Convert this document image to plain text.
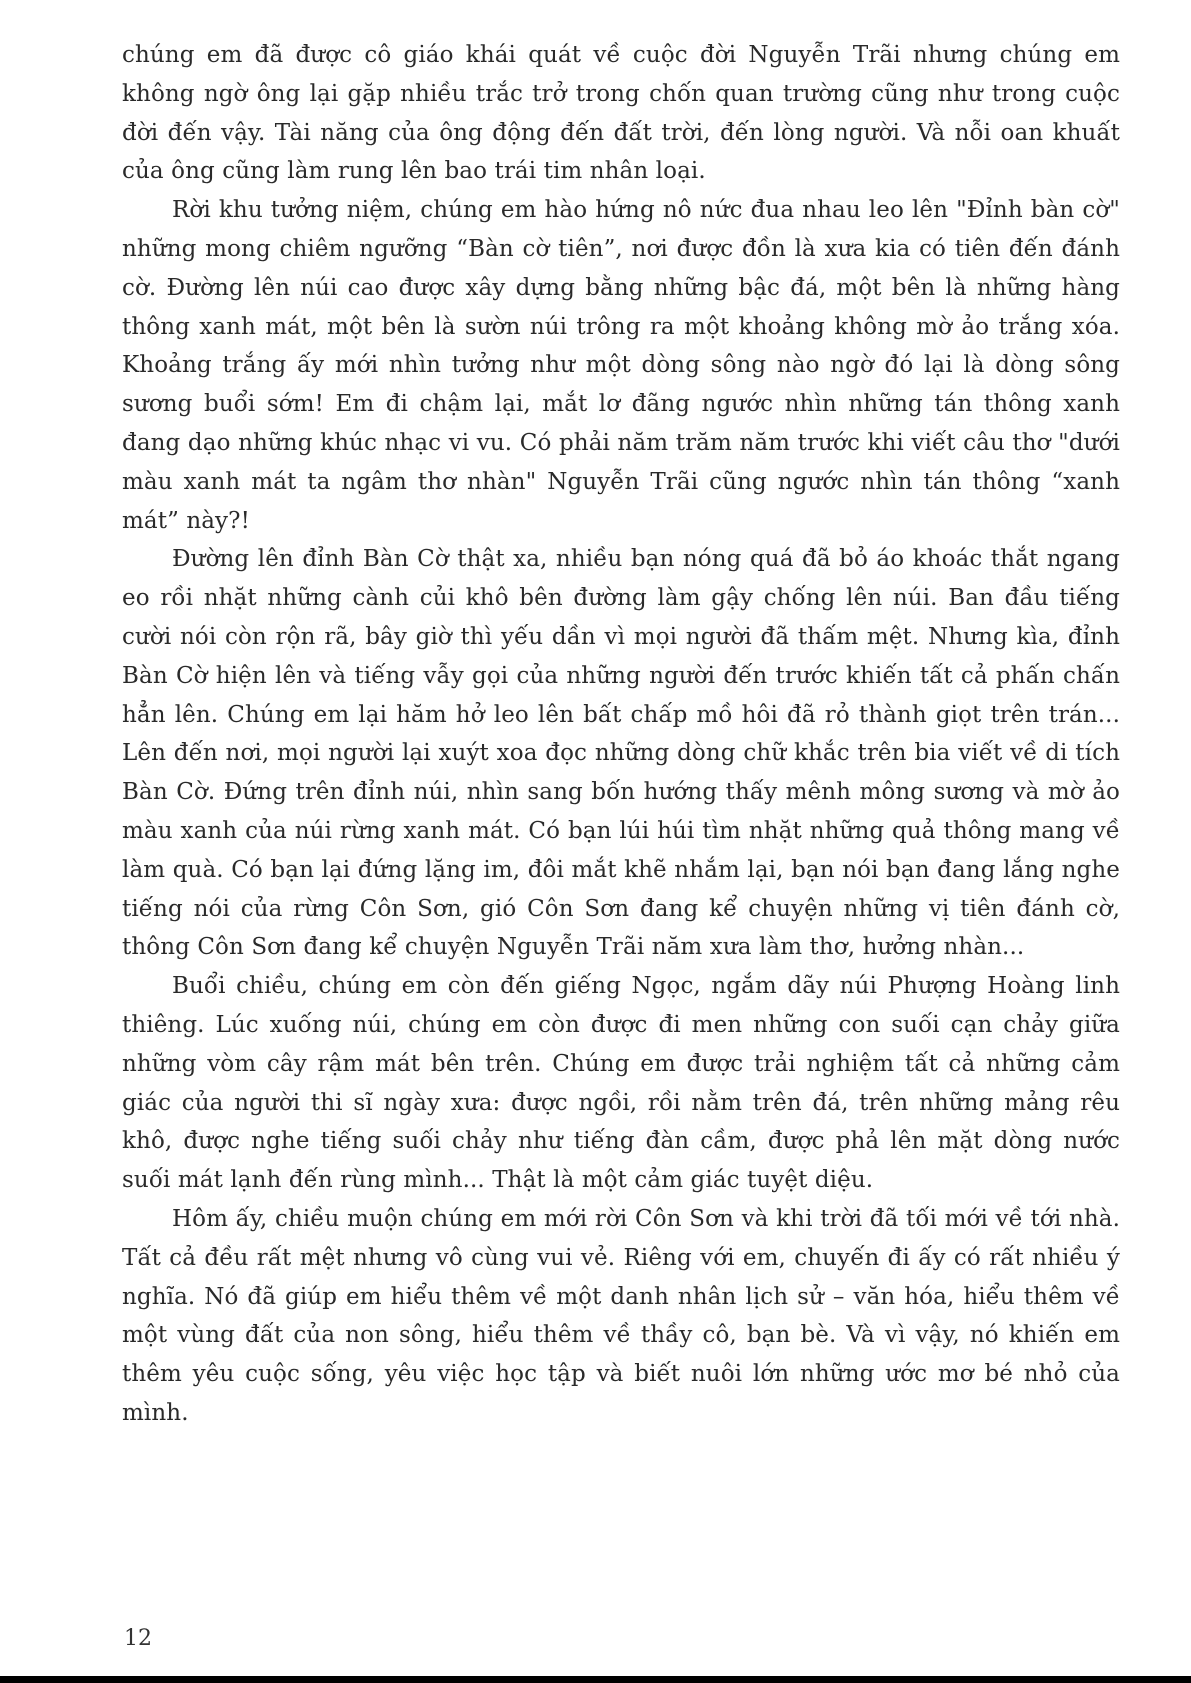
chúng em đã được cô giáo khái quát về cuộc đời Nguyễn Trãi nhưng chúng em không ngờ ông lại gặp nhiều trắc trở trong chốn quan trường cũng như trong cuộc đời đến vậy. Tài năng của ông động đến đất trời, đến lòng người. Và nỗi oan khuất của ông cũng làm rung lên bao trái tim nhân loại.

Rời khu tưởng niệm, chúng em hào hứng nô nức đua nhau leo lên "Đỉnh bàn cờ" những mong chiêm ngưỡng “Bàn cờ tiên”, nơi được đồn là xưa kia có tiên đến đánh cờ. Đường lên núi cao được xây dựng bằng những bậc đá, một bên là những hàng thông xanh mát, một bên là sườn núi trông ra một khoảng không mờ ảo trắng xóa. Khoảng trắng ấy mới nhìn tưởng như một dòng sông nào ngờ đó lại là dòng sông sương buổi sớm! Em đi chậm lại, mắt lơ đãng ngước nhìn những tán thông xanh đang dạo những khúc nhạc vi vu. Có phải năm trăm năm trước khi viết câu thơ "dưới màu xanh mát ta ngâm thơ nhàn" Nguyễn Trãi cũng ngước nhìn tán thông “xanh mát” này?!

Đường lên đỉnh Bàn Cờ thật xa, nhiều bạn nóng quá đã bỏ áo khoác thắt ngang eo rồi nhặt những cành củi khô bên đường làm gậy chống lên núi. Ban đầu tiếng cười nói còn rộn rã, bây giờ thì yếu dần vì mọi người đã thấm mệt. Nhưng kìa, đỉnh Bàn Cờ hiện lên và tiếng vẫy gọi của những người đến trước khiến tất cả phấn chấn hẳn lên. Chúng em lại hăm hở leo lên bất chấp mồ hôi đã rỏ thành giọt trên trán... Lên đến nơi, mọi người lại xuýt xoa đọc những dòng chữ khắc trên bia viết về di tích Bàn Cờ. Đứng trên đỉnh núi, nhìn sang bốn hướng thấy mênh mông sương và mờ ảo màu xanh của núi rừng xanh mát. Có bạn lúi húi tìm nhặt những quả thông mang về làm quà. Có bạn lại đứng lặng im, đôi mắt khẽ nhắm lại, bạn nói bạn đang lắng nghe tiếng nói của rừng Côn Sơn, gió Côn Sơn đang kể chuyện những vị tiên đánh cờ, thông Côn Sơn đang kể chuyện Nguyễn Trãi năm xưa làm thơ, hưởng nhàn...

Buổi chiều, chúng em còn đến giếng Ngọc, ngắm dãy núi Phượng Hoàng linh thiêng. Lúc xuống núi, chúng em còn được đi men những con suối cạn chảy giữa những vòm cây rậm mát bên trên. Chúng em được trải nghiệm tất cả những cảm giác của người thi sĩ ngày xưa: được ngồi, rồi nằm trên đá, trên những mảng rêu khô, được nghe tiếng suối chảy như tiếng đàn cầm, được phả lên mặt dòng nước suối mát lạnh đến rùng mình... Thật là một cảm giác tuyệt diệu.

Hôm ấy, chiều muộn chúng em mới rời Côn Sơn và khi trời đã tối mới về tới nhà. Tất cả đều rất mệt nhưng vô cùng vui vẻ. Riêng với em, chuyến đi ấy có rất nhiều ý nghĩa. Nó đã giúp em hiểu thêm về một danh nhân lịch sử – văn hóa, hiểu thêm về một vùng đất của non sông, hiểu thêm về thầy cô, bạn bè. Và vì vậy, nó khiến em thêm yêu cuộc sống, yêu việc học tập và biết nuôi lớn những ước mơ bé nhỏ của mình.

12
